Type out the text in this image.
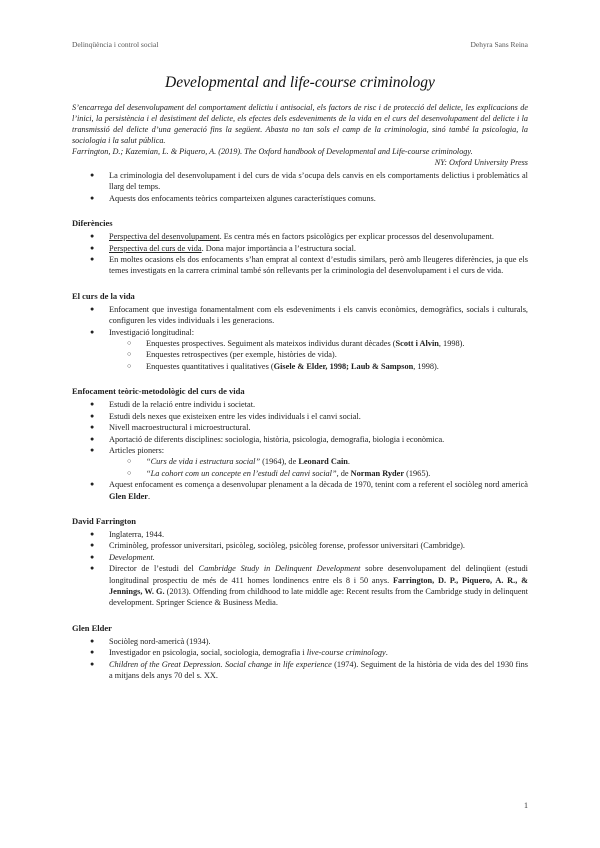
Delinqüència i control social	Dehyra Sans Reina
Developmental and life-course criminology

S’encarrega del desenvolupament del comportament delictiu i antisocial, els factors de risc i de protecció del delicte, les explicacions de l’inici, la persistència i el desistiment del delicte, els efectes dels esdeveniments de la vida en el curs del desenvolupament del delicte i la transmissió del delicte d’una generació fins la següent. Abasta no tan sols el camp de la criminologia, sinó també la psicologia, la sociologia i la salut pública.

Farrington, D.; Kazemian, L. & Piquero, A. (2019). The Oxford handbook of Developmental and Life-course criminology.

NY: Oxford University Press

● La criminologia del desenvolupament i del curs de vida s’ocupa dels canvis en els comportaments delictius i problemàtics al llarg del temps.
● Aquests dos enfocaments teòrics comparteixen algunes característiques comuns.
Diferències
● Perspectiva del desenvolupament. Es centra més en factors psicològics per explicar processos del desenvolupament.
● Perspectiva del curs de vida. Dona major importància a l’estructura social.
● En moltes ocasions els dos enfocaments s’han emprat al context d’estudis similars, però amb lleugeres diferències, ja que els temes investigats en la carrera criminal també són rellevants per la criminologia del desenvolupament i el curs de vida.
El curs de la vida
● Enfocament que investiga fonamentalment com els esdeveniments i els canvis econòmics, demogràfics, socials i culturals, configuren les vides individuals i les generacions.
● Investigació longitudinal:
○ Enquestes prospectives. Seguiment als mateixos individus durant dècades (Scott i Alvin, 1998).
○ Enquestes retrospectives (per exemple, històries de vida).
○ Enquestes quantitatives i qualitatives (Gisele & Elder, 1998; Laub & Sampson, 1998).
Enfocament teòric-metodològic del curs de vida
● Estudi de la relació entre individu i societat.
● Estudi dels nexes que existeixen entre les vides individuals i el canvi social.
● Nivell macroestructural i microestructural.
● Aportació de diferents disciplines: sociologia, història, psicologia, demografia, biologia i econòmica.
● Articles pioners:
○ “Curs de vida i estructura social” (1964), de Leonard Cain.
○ “La cohort com un concepte en l’estudi del canvi social”, de Norman Ryder (1965).
● Aquest enfocament es comença a desenvolupar plenament a la dècada de 1970, tenint com a referent el sociòleg nord americà Glen Elder.
David Farrington
● Inglaterra, 1944.
● Criminòleg, professor universitari, psicòleg, sociòleg, psicòleg forense, professor universitari (Cambridge).
● Development.
● Director de l’estudi del Cambridge Study in Delinquent Development sobre desenvolupament del delinqüent (estudi longitudinal prospectiu de més de 411 homes londinencs entre els 8 i 50 anys. Farrington, D. P., Piquero, A. R., & Jennings, W. G. (2013). Offending from childhood to late middle age: Recent results from the Cambridge study in delinquent development. Springer Science & Business Media.
Glen Elder
● Sociòleg nord-americà (1934).
● Investigador en psicologia, social, sociologia, demografia i live-course criminology.
● Children of the Great Depression. Social change in life experience (1974). Seguiment de la història de vida des del 1930 fins a mitjans dels anys 70 del s. XX.
1
